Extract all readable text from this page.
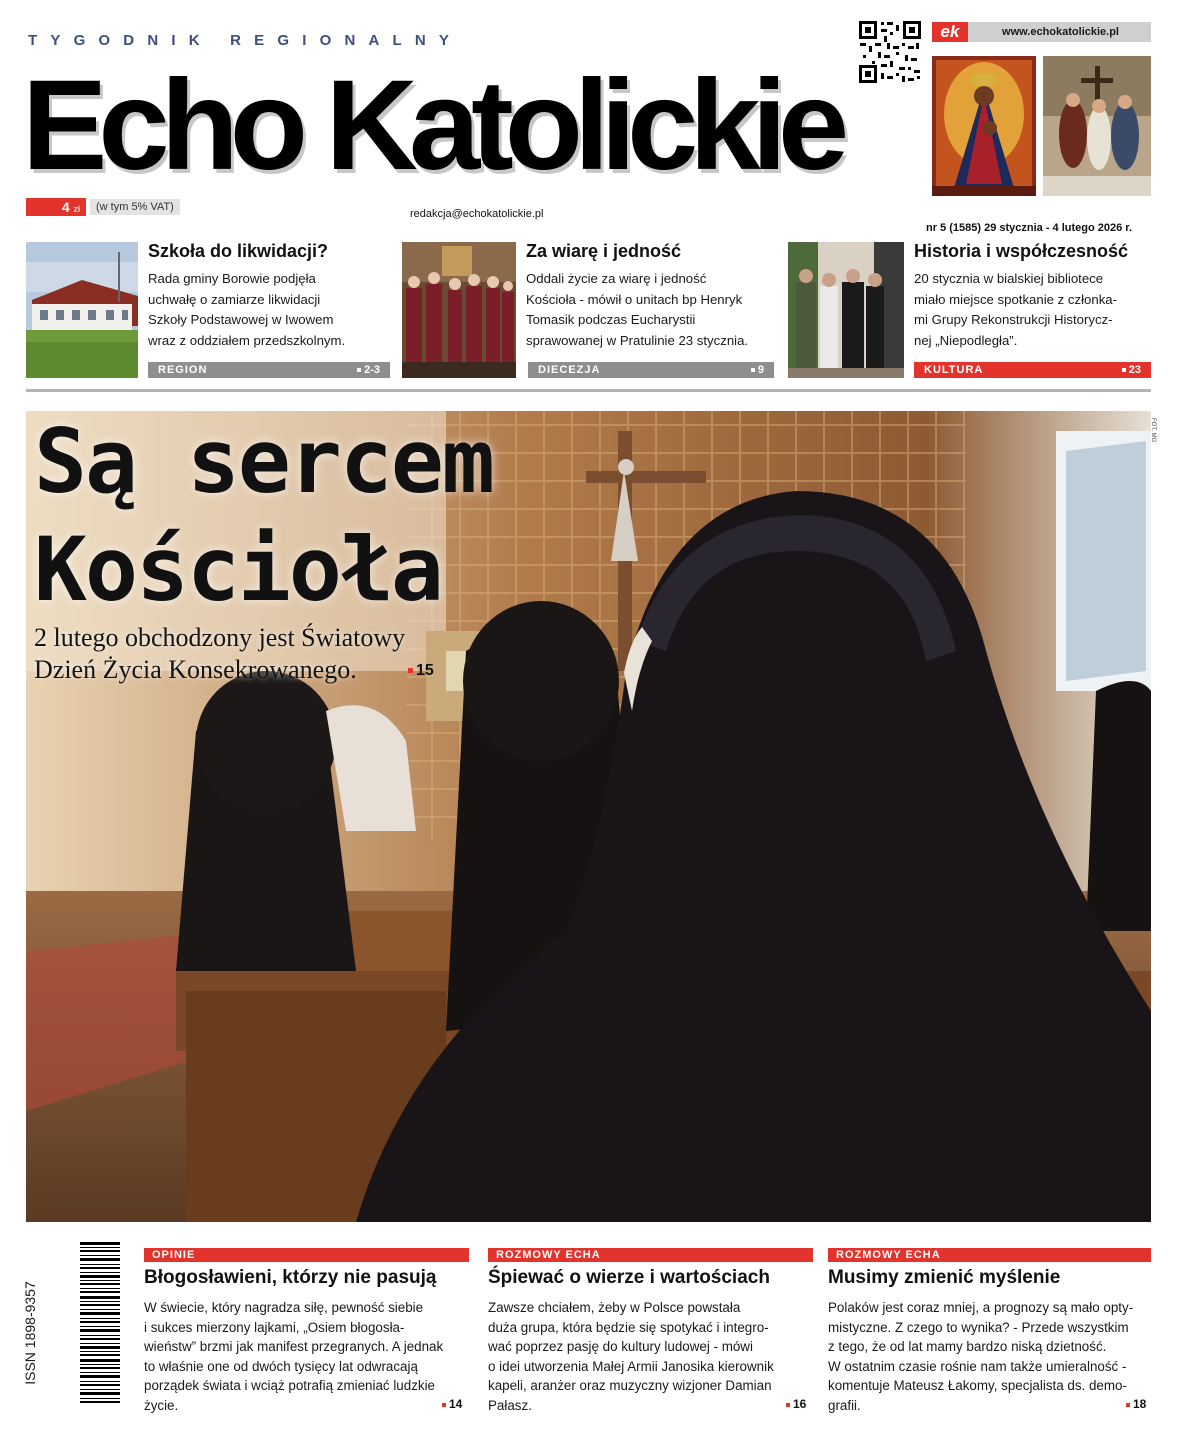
TYGODNIK REGIONALNY
Echo Katolickie
4 zł	(w tym 5% VAT)
redakcja@echokatolickie.pl
ek	www.echokatolickie.pl
nr 5 (1585) 29 stycznia - 4 lutego 2026 r.
Szkoła do likwidacji?
Rada gminy Borowie podjęła
uchwałę o zamiarze likwidacji
Szkoły Podstawowej w Iwowem
wraz z oddziałem przedszkolnym.
REGION	2-3
Za wiarę i jedność
Oddali życie za wiarę i jedność
Kościoła - mówił o unitach bp Henryk
Tomasik podczas Eucharystii
sprawowanej w Pratulinie 23 stycznia.
DIECEZJA	9
Historia i współczesność
20 stycznia w bialskiej bibliotece
miało miejsce spotkanie z członka-
mi Grupy Rekonstrukcji Historycz-
nej „Niepodległa”.
KULTURA	23
Są sercem
Kościoła
2 lutego obchodzony jest Światowy
Dzień Życia Konsekrowanego.	15
FOT. MG
ISSN 1898-9357
OPINIE
Błogosławieni, którzy nie pasują
W świecie, który nagradza siłę, pewność siebie
i sukces mierzony lajkami, „Osiem błogosła-
wieństw” brzmi jak manifest przegranych. A jednak
to właśnie one od dwóch tysięcy lat odwracają
porządek świata i wciąż potrafią zmieniać ludzkie
życie.	14
ROZMOWY ECHA
Śpiewać o wierze i wartościach
Zawsze chciałem, żeby w Polsce powstała
duża grupa, która będzie się spotykać i integro-
wać poprzez pasję do kultury ludowej - mówi
o idei utworzenia Małej Armii Janosika kierownik
kapeli, aranżer oraz muzyczny wizjoner Damian
Pałasz.	16
ROZMOWY ECHA
Musimy zmienić myślenie
Polaków jest coraz mniej, a prognozy są mało opty-
mistyczne. Z czego to wynika? - Przede wszystkim
z tego, że od lat mamy bardzo niską dzietność.
W ostatnim czasie rośnie nam także umieralność -
komentuje Mateusz Łakomy, specjalista ds. demo-
grafii.	18
